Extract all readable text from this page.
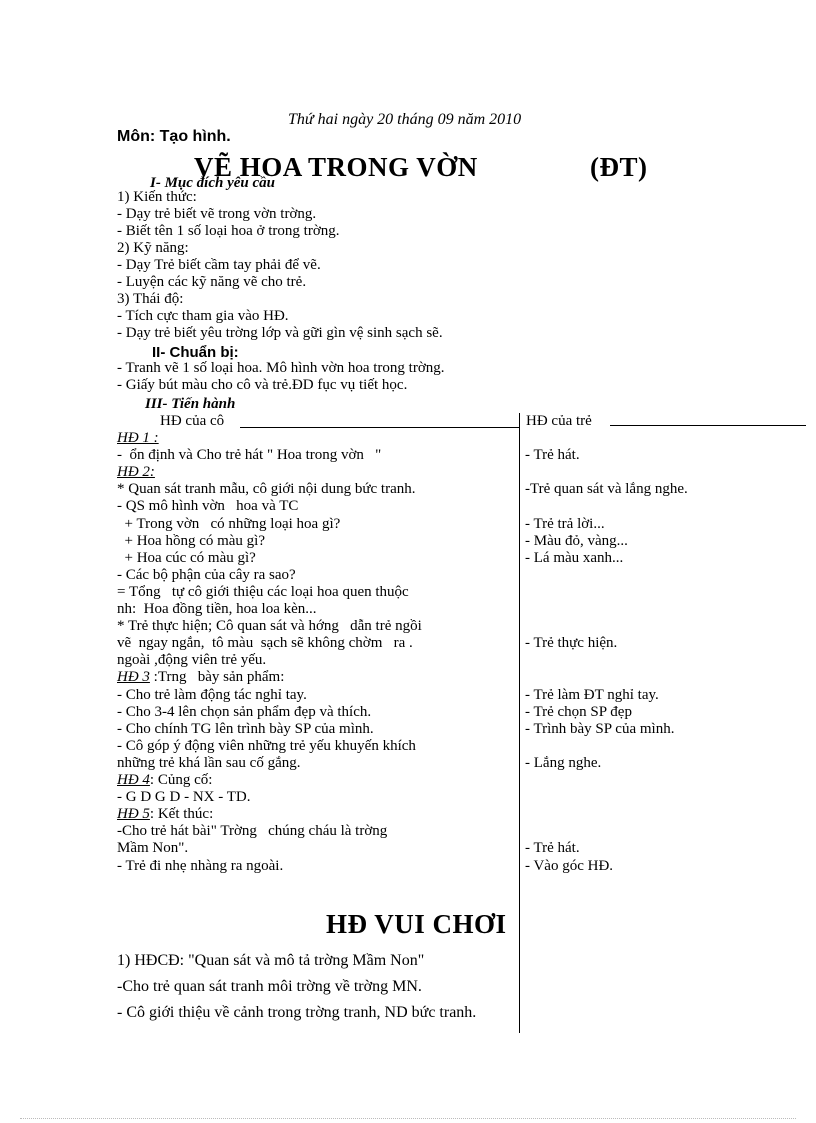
Thứ hai ngày 20 tháng 09 năm 2010
Môn: Tạo hình.
VẼ HOA TRONG VỜN	(ĐT)
I- Mục đích yêu cầu
1) Kiến thức:
- Dạy trẻ biết vẽ trong vờn trờng.
- Biết tên 1 số loại hoa ở trong trờng.
2) Kỹ năng:
- Dạy Trẻ biết cầm tay phải để vẽ.
- Luyện các kỹ năng vẽ cho trẻ.
3) Thái độ:
- Tích cực tham gia vào HĐ.
- Dạy trẻ biết yêu trờng lớp và gữi gìn vệ sinh sạch sẽ.
II- Chuẩn bị:
- Tranh vẽ 1 số loại hoa. Mô hình vờn hoa trong trờng.
- Giấy bút màu cho cô và trẻ.ĐD fục vụ tiết học.
III- Tiến hành
HĐ của cô	HĐ của trẻ
HĐ 1 :
-  ổn định và Cho trẻ hát " Hoa trong vờn   "
HĐ 2:
* Quan sát tranh mẫu, cô giới nội dung bức tranh.
- QS mô hình vờn   hoa và TC
+ Trong vờn   có những loại hoa gì?
+ Hoa hồng có màu gì?
+ Hoa cúc có màu gì?
- Các bộ phận của cây ra sao?
= Tổng   tự cô giới thiệu các loại hoa quen thuộc
nh:  Hoa đồng tiền, hoa loa kèn...
* Trẻ thực hiện; Cô quan sát và hớng   dẫn trẻ ngồi
vẽ  ngay ngắn,  tô màu  sạch sẽ không chờm   ra .
ngoài ,động viên trẻ yếu.
HĐ 3 :Trng   bày sản phẩm:
- Cho trẻ làm động tác nghỉ tay.
- Cho 3-4 lên chọn sản phẩm đẹp và thích.
- Cho chính TG lên trình bày SP của mình.
- Cô góp ý động viên những trẻ yếu khuyến khích
những trẻ khá lần sau cố gắng.
HĐ 4: Củng cố:
- G D G D - NX - TD.
HĐ 5: Kết thúc:
-Cho trẻ hát bài" Trờng   chúng cháu là trờng
Mầm Non".
- Trẻ đi nhẹ nhàng ra ngoài.
- Trẻ hát.
-Trẻ quan sát và lắng nghe.
- Trẻ trả lời...
- Màu đỏ, vàng...
- Lá màu xanh...
- Trẻ thực hiện.
- Trẻ làm ĐT nghỉ tay.
- Trẻ chọn SP đẹp
- Trình bày SP của mình.
- Lắng nghe.
- Trẻ hát.
- Vào góc HĐ.
HĐ VUI CHƠI
1) HĐCĐ: "Quan sát và mô tả trờng Mầm Non"
-Cho trẻ quan sát tranh môi trờng về trờng MN.
- Cô giới thiệu về cảnh trong trờng tranh, ND bức tranh.
